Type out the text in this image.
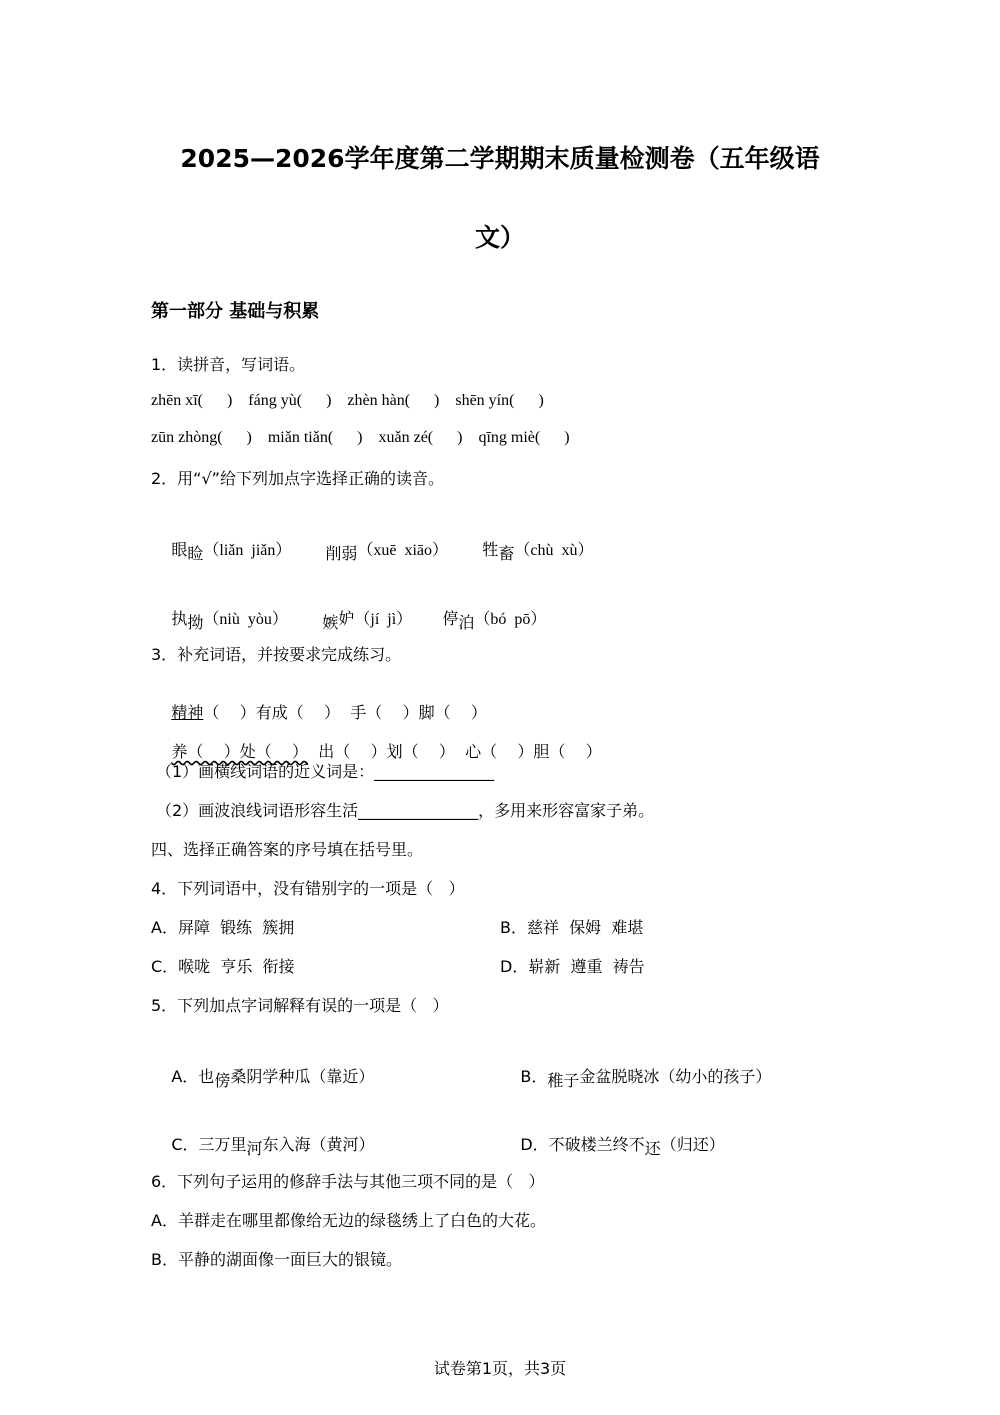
2025—2026学年度第二学期期末质量检测卷（五年级语
文）
第一部分 基础与积累
1．读拼音，写词语。
zhēn xī(      )    fáng yù(      )    zhèn hàn(      )    shēn yín(      )
zūn zhòng(      )    miǎn tiǎn(      )    xuǎn zé(      )    qīng miè(      )
2．用“√”给下列加点字选择正确的读音。

眼睑（liǎn  jiǎn）
	削弱（xuē  xiāo）
	牲畜（chù  xù）

执拗（niù  yòu）
	嫉妒（jí  jì）
	停泊（bó  pō）

3．补充词语，并按要求完成练习。

精神（    ）有成（    ）  手（    ）脚（    ）

养（    ）处（    ）  出（    ）划（    ）  心（    ）胆（    ）

（1）画横线词语的近义词是：_______________
（2）画波浪线词语形容生活_______________，多用来形容富家子弟。
四、选择正确答案的序号填在括号里。
4．下列词语中，没有错别字的一项是（   ）
A．屏障  锻练  簇拥	B．慈祥  保姆  难堪
C．喉咙  亨乐  衔接	D．崭新  遵重  祷告
5．下列加点字词解释有误的一项是（   ）

A．也傍桑阴学种瓜（靠近）
	B．稚子金盆脱晓冰（幼小的孩子）

C．三万里河东入海（黄河）
	D．不破楼兰终不还（归还）

6．下列句子运用的修辞手法与其他三项不同的是（   ）
A．羊群走在哪里都像给无边的绿毯绣上了白色的大花。
B．平静的湖面像一面巨大的银镜。
试卷第1页，共3页
